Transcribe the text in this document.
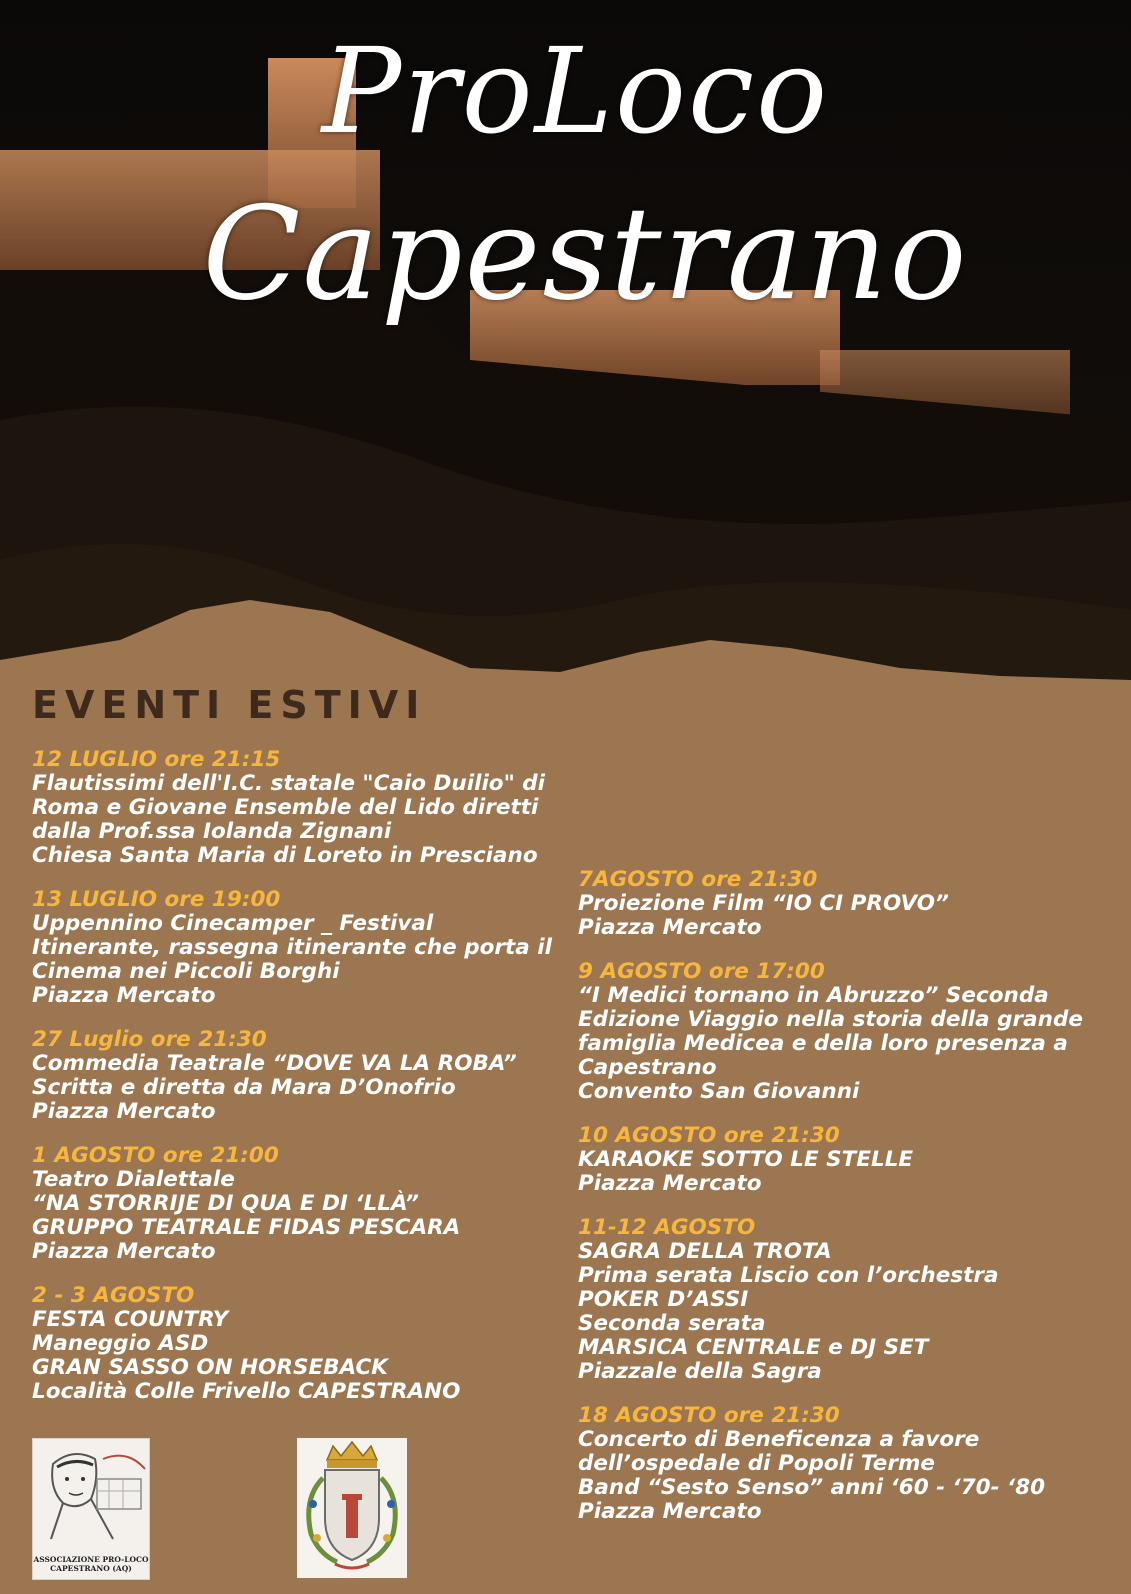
ProLoco
Capestrano
EVENTI ESTIVI
12 LUGLIO ore 21:15
Flautissimi dell'I.C. statale "Caio Duilio" di
Roma e Giovane Ensemble del Lido diretti
dalla Prof.ssa Iolanda Zignani
Chiesa Santa Maria di Loreto in Presciano
13 LUGLIO ore 19:00
Uppennino Cinecamper _ Festival
Itinerante, rassegna itinerante che porta il
Cinema nei Piccoli Borghi
Piazza Mercato
27 Luglio ore 21:30
Commedia Teatrale “DOVE VA LA ROBA”
Scritta e diretta da Mara D’Onofrio
Piazza Mercato
1 AGOSTO ore 21:00
Teatro Dialettale
“NA STORRIJE DI QUA E DI ‘LLÀ”
GRUPPO TEATRALE FIDAS PESCARA
Piazza Mercato
2 - 3 AGOSTO
FESTA COUNTRY
Maneggio ASD
GRAN SASSO ON HORSEBACK
Località Colle Frivello CAPESTRANO
7AGOSTO ore 21:30
Proiezione Film “IO CI PROVO”
Piazza Mercato
9 AGOSTO ore 17:00
“I Medici tornano in Abruzzo” Seconda
Edizione Viaggio nella storia della grande
famiglia Medicea e della loro presenza a
Capestrano
Convento San Giovanni
10 AGOSTO ore 21:30
KARAOKE SOTTO LE STELLE
Piazza Mercato
11-12 AGOSTO
SAGRA DELLA TROTA
Prima serata Liscio con l’orchestra
POKER D’ASSI
Seconda serata
MARSICA CENTRALE e DJ SET
Piazzale della Sagra
18 AGOSTO ore 21:30
Concerto di Beneficenza a favore
dell’ospedale di Popoli Terme
Band “Sesto Senso” anni ‘60 - ‘70- ‘80
Piazza Mercato
ASSOCIAZIONE PRO-LOCO
CAPESTRANO (AQ)
